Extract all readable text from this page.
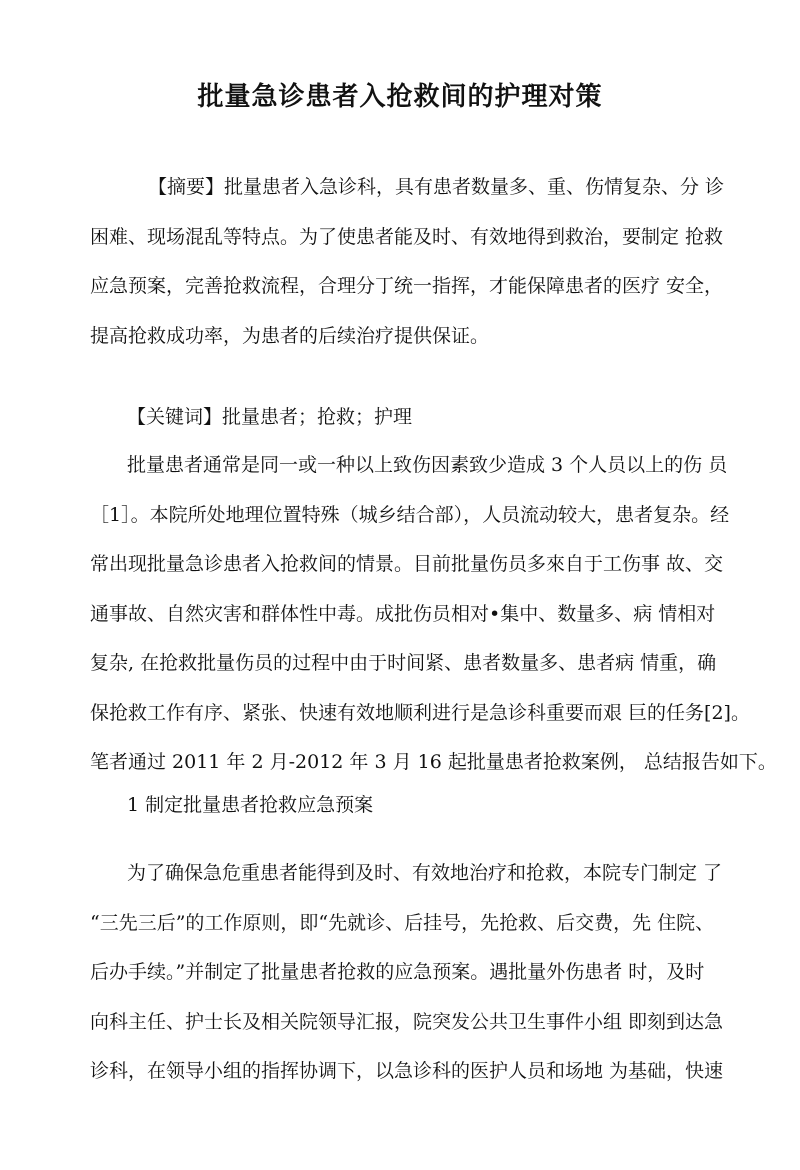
批量急诊患者入抢救间的护理对策
【摘要】批量患者入急诊科，具有患者数量多、重、伤情复杂、分 诊
困难、现场混乱等特点。为了使患者能及时、有效地得到救治，要制定 抢救
应急预案，完善抢救流程，合理分丁统一指挥，才能保障患者的医疗 安全，
提高抢救成功率，为患者的后续治疗提供保证。
【关键词】批量患者；抢救；护理
批量患者通常是同一或一种以上致伤因素致少造成 3 个人员以上的伤 员
［1］。本院所处地理位置特殊（城乡结合部），人员流动较大，患者复杂。经
常出现批量急诊患者入抢救间的情景。目前批量伤员多來自于工伤事 故、交
通事故、自然灾害和群体性中毒。成批伤员相对•集中、数量多、病 情相对
复杂, 在抢救批量伤员的过程中由于时间紧、患者数量多、患者病 情重，确
保抢救工作有序、紧张、快速有效地顺利进行是急诊科重要而艰 巨的任务[2]。
笔者通过 2011 年 2 月-2012 年 3 月 16 起批量患者抢救案例， 总结报告如下。
1 制定批量患者抢救应急预案
为了确保急危重患者能得到及时、有效地治疗和抢救，本院专门制定 了
“三先三后”的工作原则，即“先就诊、后挂号，先抢救、后交费，先 住院、
后办手续。”并制定了批量患者抢救的应急预案。遇批量外伤患者 时，及时
向科主任、护士长及相关院领导汇报，院突发公共卫生事件小组 即刻到达急
诊科，在领导小组的指挥协调下，以急诊科的医护人员和场地 为基础，快速
